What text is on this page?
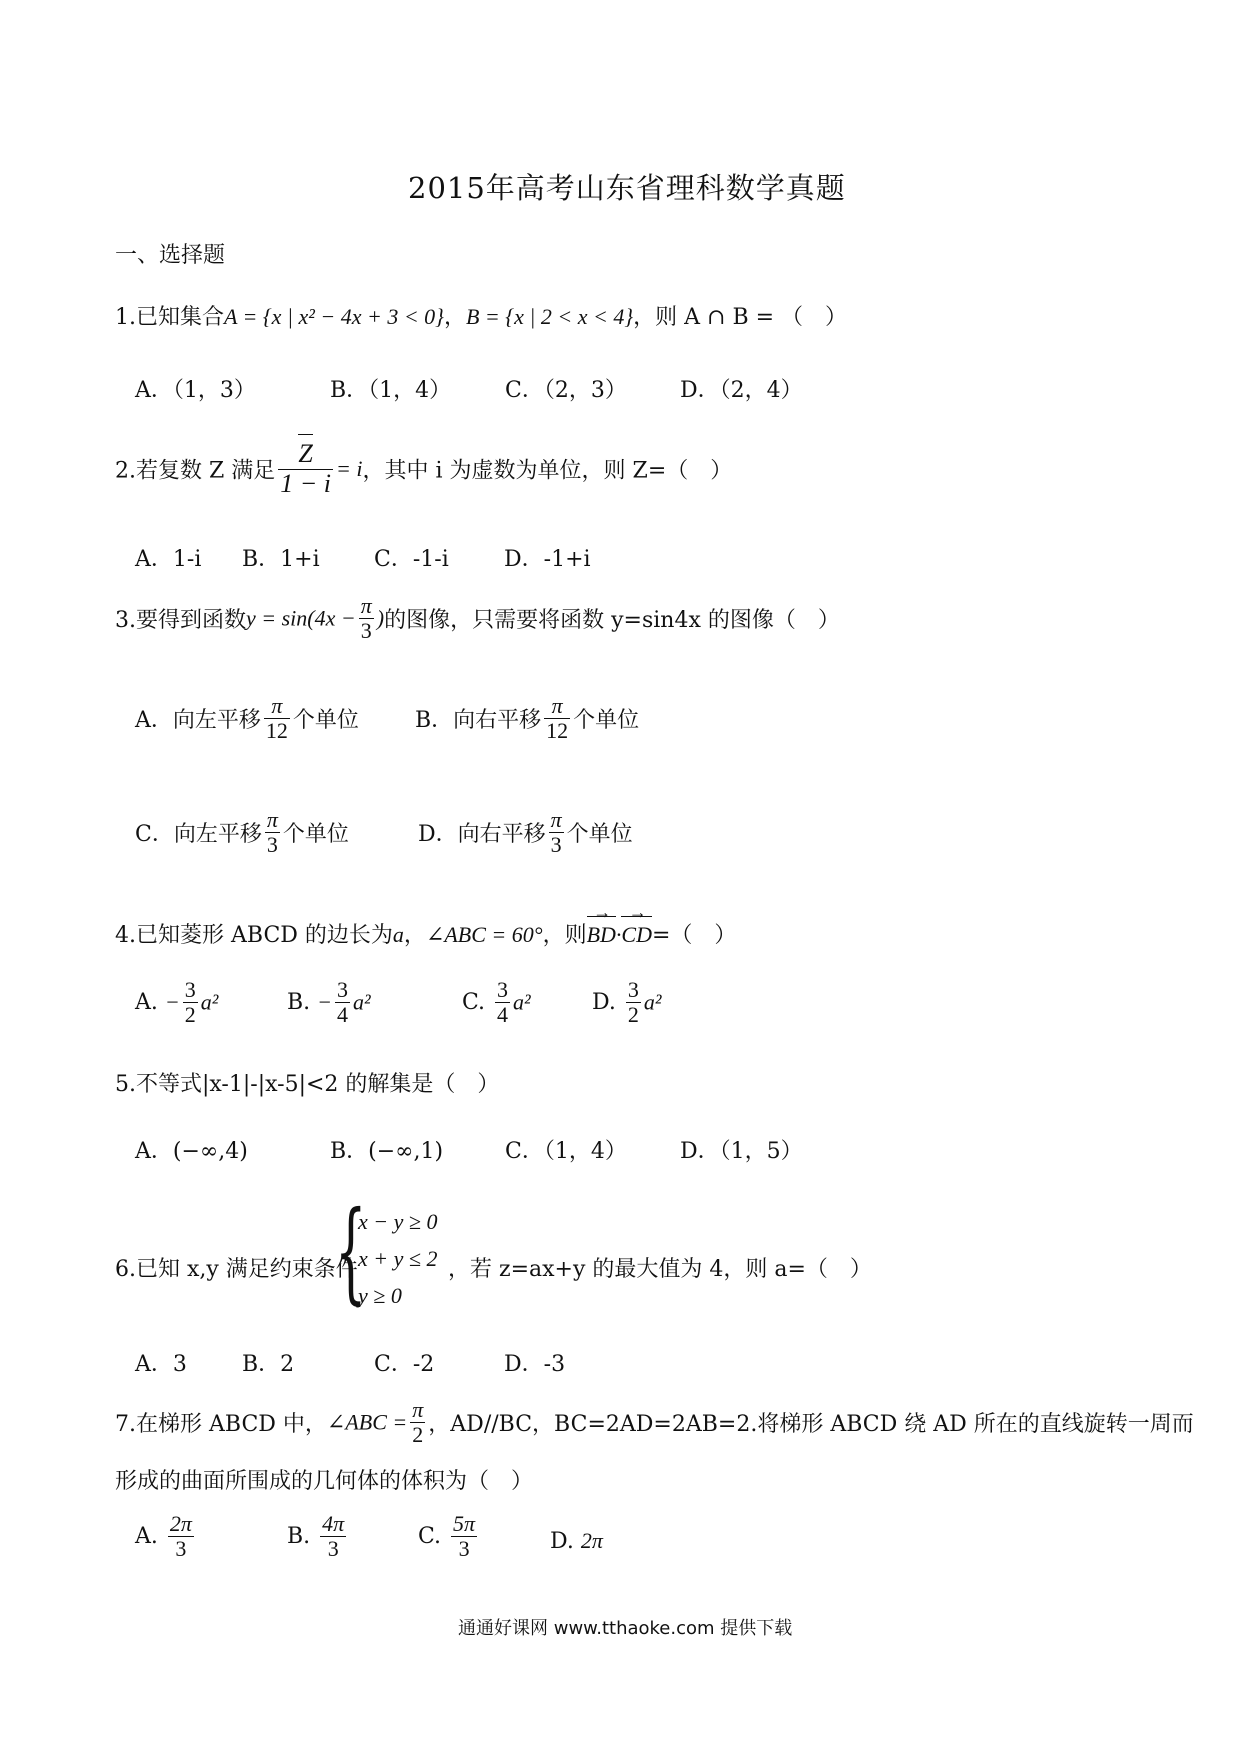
2015年高考山东省理科数学真题
一、选择题
1.已知集合A = {x | x² − 4x + 3 < 0}，B = {x | 2 < x < 4}，则 A ∩ B = （　）
A．（1，3）	B．（1，4） C．（2，3） D．（2，4）
2.若复数 Z 满足 $\frac{Z}{1 - i} = i$，其中 i 为虚数为单位，则 Z=（　）
A．1-i B．1+i C．-1-i	D．-1+i
3.要得到函数$y = \sin(4x - \frac{\pi}{3}$ )的图像，只需要将函数 y=sin4x 的图像（　）
A．向左平移 $\frac{\pi}{12}$ 个单位	B．向右平移 $\frac{\pi}{12}$ 个单位
C．向左平移 $\frac{\pi}{3}$ 个单位	D．向右平移 $\frac{\pi}{3}$ 个单位
4.已知菱形 ABCD 的边长为a，∠ABC = 60°，则BD →·CD →=（　）
A. − $\frac{3}{2} a^2$	B. − $\frac{3}{4} a^2$	C. $\frac{3}{4} a^2$	D. $\frac{3}{2} a^2$
5.不等式|x-1|-|x-5|<2 的解集是（　）
A．(−∞,4)	B．(−∞,1)	C．（1，4） D．（1，5）
6.已知 x,y 满足约束条件
{
x − y ≥ 0
x + y ≤ 2
y ≥ 0
，若 z=ax+y 的最大值为 4，则 a=（　）
A．3	B．2	C．-2	D．-3
7.在梯形 ABCD 中，∠ABC = $\frac{\pi}{2}$ ，AD//BC，BC=2AD=2AB=2.将梯形 ABCD 绕 AD 所在的直线旋转一周而
形成的曲面所围成的几何体的体积为（　）
A. $\frac{2\pi}{3}$	B. $\frac{4\pi}{3}$	C. $\frac{5\pi}{3}$	D. 2π
通通好课网 www.tthaoke.com 提供下载
